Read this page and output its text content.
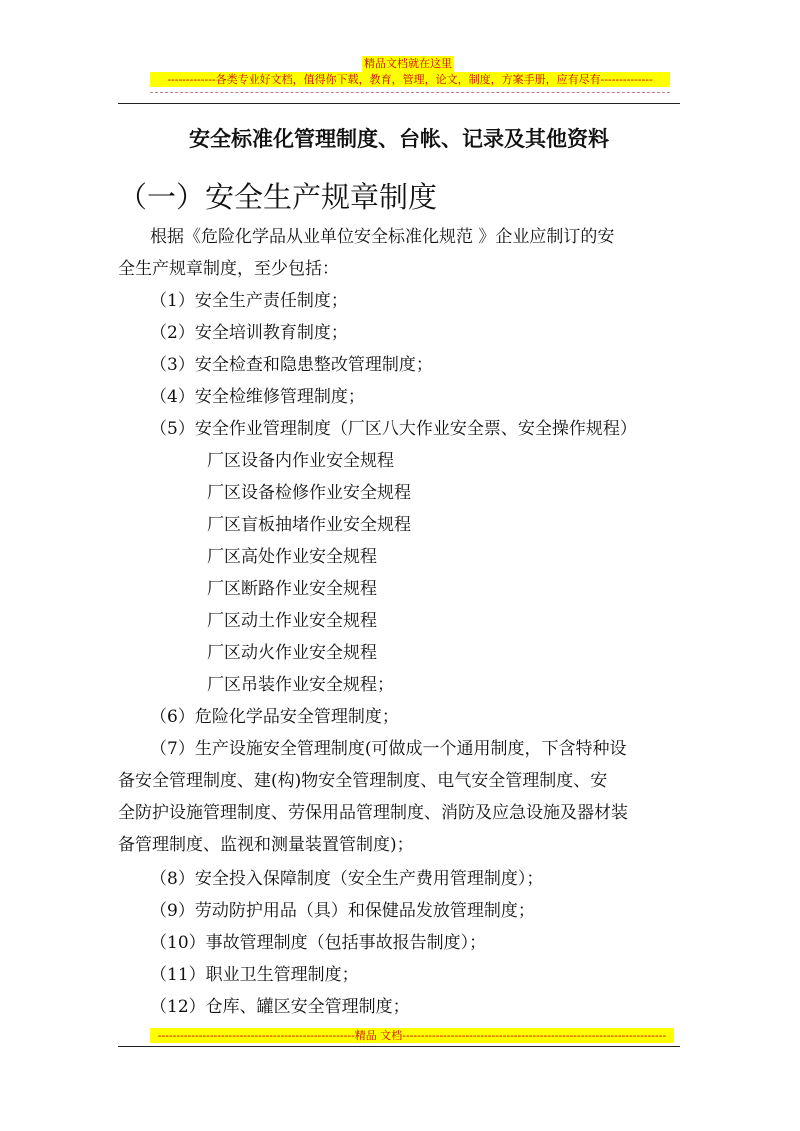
精品文档就在这里
-------------各类专业好文档，值得你下载，教育，管理，论文，制度，方案手册，应有尽有--------------
安全标准化管理制度、台帐、记录及其他资料
（一）安全生产规章制度
根据《危险化学品从业单位安全标准化规范 》企业应制订的安
全生产规章制度，至少包括：
（1）安全生产责任制度；
（2）安全培训教育制度；
（3）安全检查和隐患整改管理制度；
（4）安全检维修管理制度；
（5）安全作业管理制度（厂区八大作业安全票、安全操作规程）
厂区设备内作业安全规程
厂区设备检修作业安全规程
厂区盲板抽堵作业安全规程
厂区高处作业安全规程
厂区断路作业安全规程
厂区动土作业安全规程
厂区动火作业安全规程
厂区吊装作业安全规程；
（6）危险化学品安全管理制度；
（7）生产设施安全管理制度(可做成一个通用制度，下含特种设
备安全管理制度、建(构)物安全管理制度、电气安全管理制度、安
全防护设施管理制度、劳保用品管理制度、消防及应急设施及器材装
备管理制度、监视和测量装置管制度)；
（8）安全投入保障制度（安全生产费用管理制度）；
（9）劳动防护用品（具）和保健品发放管理制度；
（10）事故管理制度（包括事故报告制度）；
（11）职业卫生管理制度；
（12）仓库、罐区安全管理制度；
-----------------------------------------------------精品 文档-----------------------------------------------------------------------
